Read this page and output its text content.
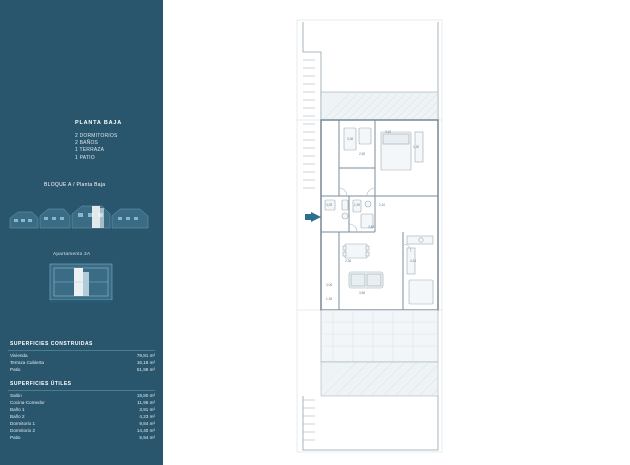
PLANTA BAJA
2 DORMITORIOS
2 BAÑOS
1 TERRAZA
1 PATIO
BLOQUE A / Planta Baja
Apartamento 2A
SUPERFICIES CONSTRUIDAS
Vivienda	79,81 m²
Terraza Cubierta	16,18 m²
Patio	51,98 m²
SUPERFICIES ÚTILES
Salón	19,80 m²
Cocina-Comedor	11,96 m²
Baño 1	3,91 m²
Baño 2	4,23 m²
Dormitorio 1	9,84 m²
Dormitorio 2	14,40 m²
Patio	5,94 m²
3,10
3,36
2,55
1,30
3,25	1,90	2,10
3,80
4,10
2,36
3,56
3,06
1,35
